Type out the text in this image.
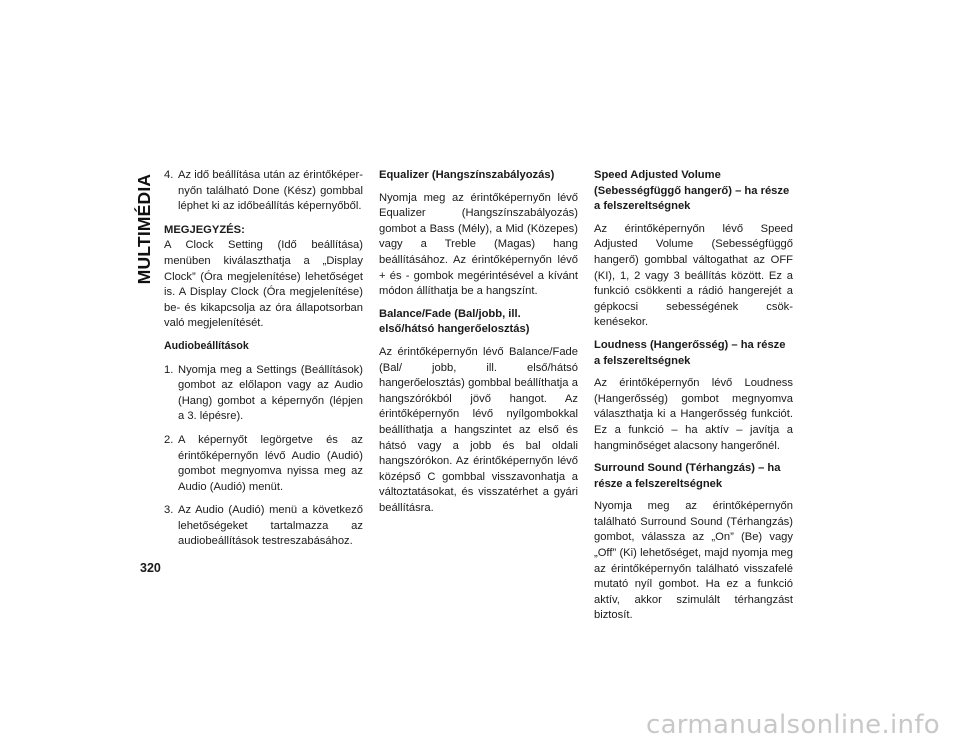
MULTIMÉDIA 4. Az idő beállítása után az érintőképernyőn található Done (Kész) gombbal léphet ki az időbeállítás képernyőből.

MEGJEGYZÉS:

A Clock Setting (Idő beállítása) menüben kiválaszthatja a „Display Clock” (Óra megjelenítése) lehetőséget is. A Display Clock (Óra megjelenítése) be- és kikapcsolja az óra állapotsorban való megjelenítését.

Audiobeállítások
1. Nyomja meg a Settings (Beállítások) gombot az előlapon vagy az Audio (Hang) gombot a képernyőn (lépjen a 3. lépésre).
2. A képernyőt legörgetve és az érintőképernyőn lévő Audio (Audió) gombot megnyomva nyissa meg az Audio (Audió) menüt.
3. Az Audio (Audió) menü a következő lehetőségeket tartalmazza az audiobeállítások testreszabásához.
Equalizer (Hangszínszabályozás)

Nyomja meg az érintőképernyőn lévő Equalizer (Hangszínszabályozás) gombot a Bass (Mély), a Mid (Közepes) vagy a Treble (Magas) hang beállításához. Az érintőképernyőn lévő + és - gombok megérintésével a kívánt módon állíthatja be a hangszínt.

Balance/Fade (Bal/jobb, ill. első/hátsó hangerőelosztás)

Az érintőképernyőn lévő Balance/Fade (Bal/ jobb, ill. első/hátsó hangerőelosztás) gombbal beállíthatja a hangszórókból jövő hangot. Az érintőképernyőn lévő nyílgombokkal beállíthatja a hangszintet az első és hátsó vagy a jobb és bal oldali hangszórókon. Az érintőképernyőn lévő középső C gombbal visszavonhatja a változtatásokat, és visszatérhet a gyári beállításra.

Speed Adjusted Volume (Sebességfüggő hangerő) – ha része a felszereltségnek

Az érintőképernyőn lévő Speed Adjusted Volume (Sebességfüggő hangerő) gombbal váltogathat az OFF (KI), 1, 2 vagy 3 beállítás között. Ez a funkció csökkenti a rádió hangerejét a gépkocsi sebességének csökkenésekor.

Loudness (Hangerősség) – ha része a felszereltségnek

Az érintőképernyőn lévő Loudness (Hangerősség) gombot megnyomva választhatja ki a Hangerősség funkciót. Ez a funkció – ha aktív – javítja a hangminőséget alacsony hangerőnél.

Surround Sound (Térhangzás) – ha része a felszereltségnek

Nyomja meg az érintőképernyőn található Surround Sound (Térhangzás) gombot, válassza az „On” (Be) vagy „Off” (Ki) lehetőséget, majd nyomja meg az érintőképernyőn található visszafelé mutató nyíl gombot. Ha ez a funkció aktív, akkor szimulált térhangzást biztosít.

320
carmanualsonline.info
